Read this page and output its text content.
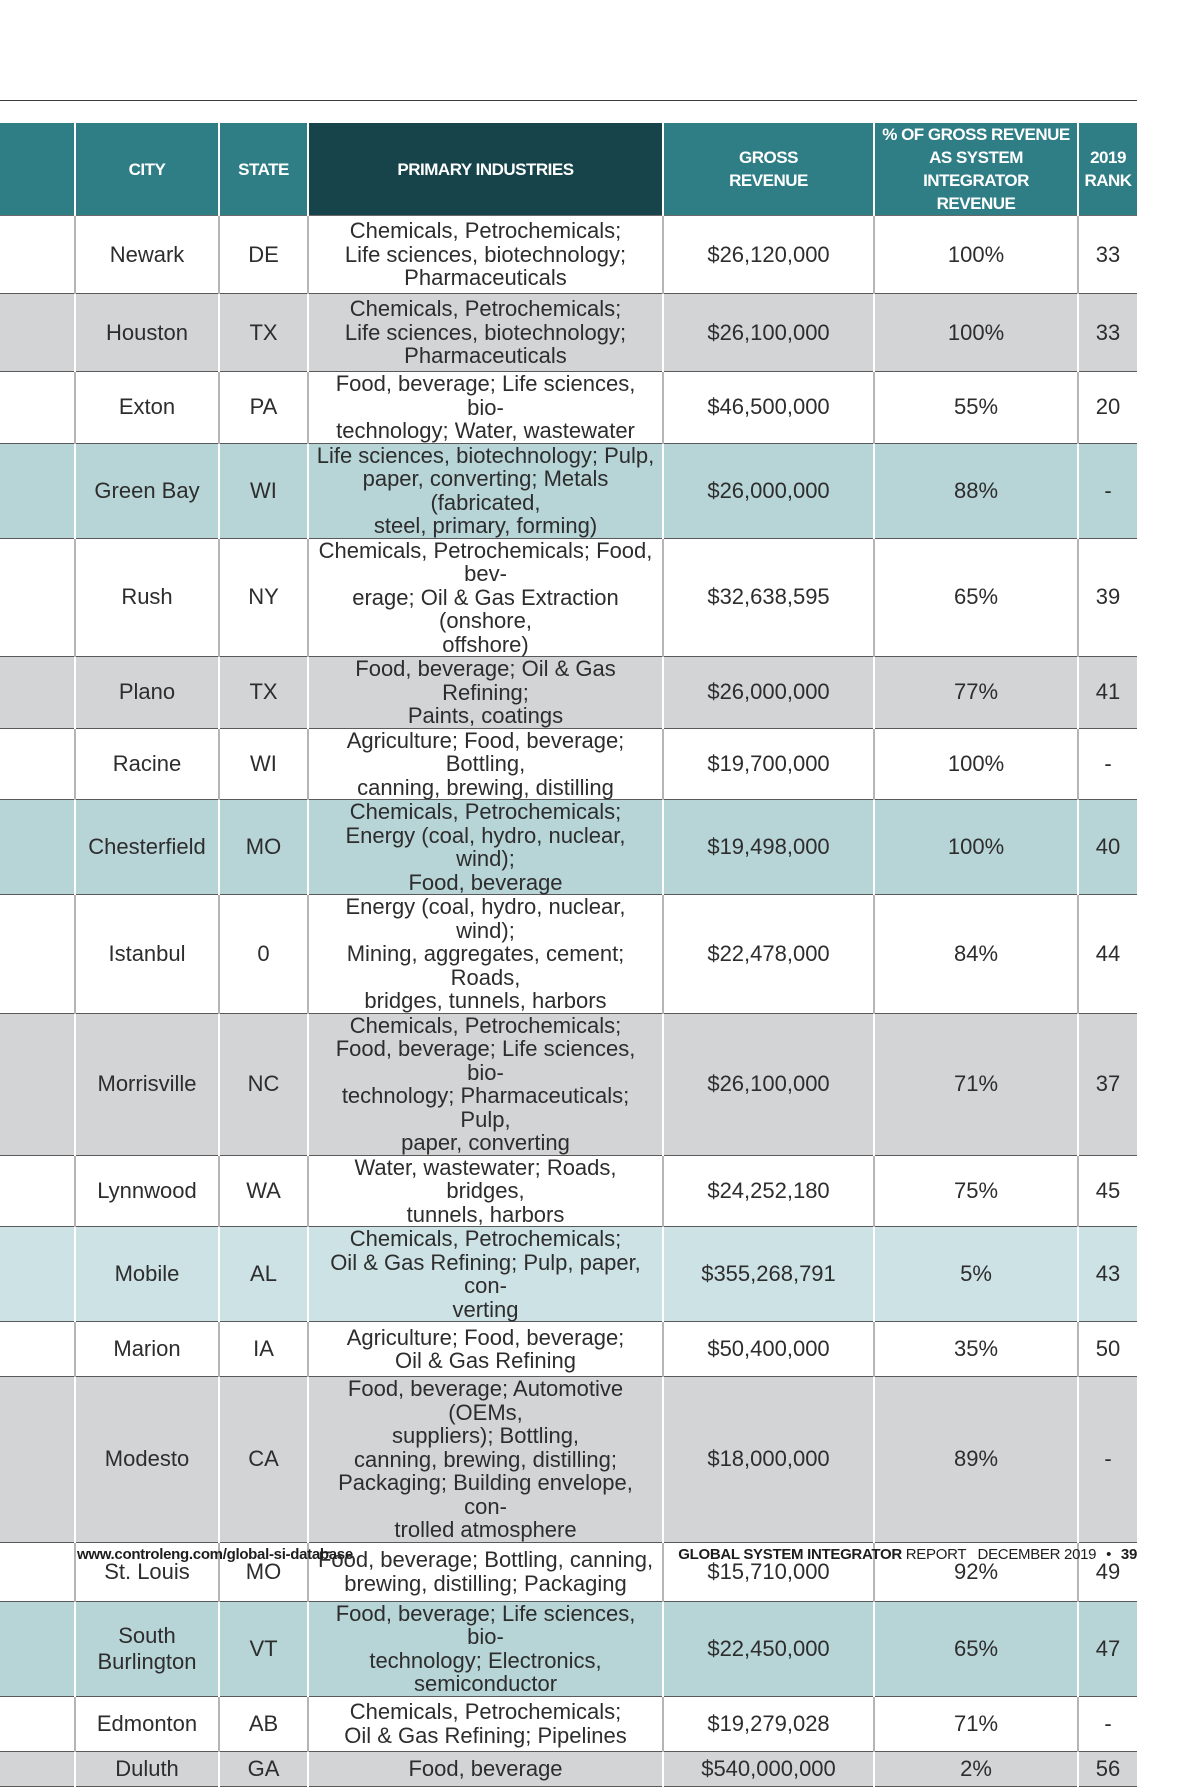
	CITY	STATE	PRIMARY INDUSTRIES	GROSS
REVENUE	% OF GROSS REVENUE
AS SYSTEM INTEGRATOR
REVENUE	2019
RANK
	Newark	DE	Chemicals, Petrochemicals;
Life sciences, biotechnology;
Pharmaceuticals	$26,120,000	100%	33
	Houston	TX	Chemicals, Petrochemicals;
Life sciences, biotechnology;
Pharmaceuticals	$26,100,000	100%	33
	Exton	PA	Food, beverage; Life sciences, bio-
technology; Water, wastewater	$46,500,000	55%	20
	Green Bay	WI	Life sciences, biotechnology; Pulp,
paper, converting; Metals (fabricated,
steel, primary, forming)	$26,000,000	88%	-
	Rush	NY	Chemicals, Petrochemicals; Food, bev-
erage; Oil & Gas Extraction (onshore,
offshore)	$32,638,595	65%	39
	Plano	TX	Food, beverage; Oil & Gas Refining;
Paints, coatings	$26,000,000	77%	41
	Racine	WI	Agriculture; Food, beverage; Bottling,
canning, brewing, distilling	$19,700,000	100%	-
	Chesterfield	MO	Chemicals, Petrochemicals;
Energy (coal, hydro, nuclear, wind);
Food, beverage	$19,498,000	100%	40
	Istanbul	0	Energy (coal, hydro, nuclear, wind);
Mining, aggregates, cement; Roads,
bridges, tunnels, harbors	$22,478,000	84%	44
	Morrisville	NC	Chemicals, Petrochemicals;
Food, beverage; Life sciences, bio-
technology; Pharmaceuticals; Pulp,
paper, converting	$26,100,000	71%	37
	Lynnwood	WA	Water, wastewater; Roads, bridges,
tunnels, harbors	$24,252,180	75%	45
	Mobile	AL	Chemicals, Petrochemicals;
Oil & Gas Refining; Pulp, paper, con-
verting	$355,268,791	5%	43
	Marion	IA	Agriculture; Food, beverage;
Oil & Gas Refining	$50,400,000	35%	50
	Modesto	CA	Food, beverage; Automotive (OEMs,
suppliers); Bottling,
canning, brewing, distilling;
Packaging; Building envelope, con-
trolled atmosphere	$18,000,000	89%	-
	St. Louis	MO	Food, beverage; Bottling, canning,
brewing, distilling; Packaging	$15,710,000	92%	49
	South
Burlington	VT	Food, beverage; Life sciences, bio-
technology; Electronics,
semiconductor	$22,450,000	65%	47
	Edmonton	AB	Chemicals, Petrochemicals;
Oil & Gas Refining; Pipelines	$19,279,028	71%	-
	Duluth	GA	Food, beverage	$540,000,000	2%	56
www.controleng.com/global-si-database	GLOBAL SYSTEM INTEGRATOR REPORT DECEMBER 2019 • 39
